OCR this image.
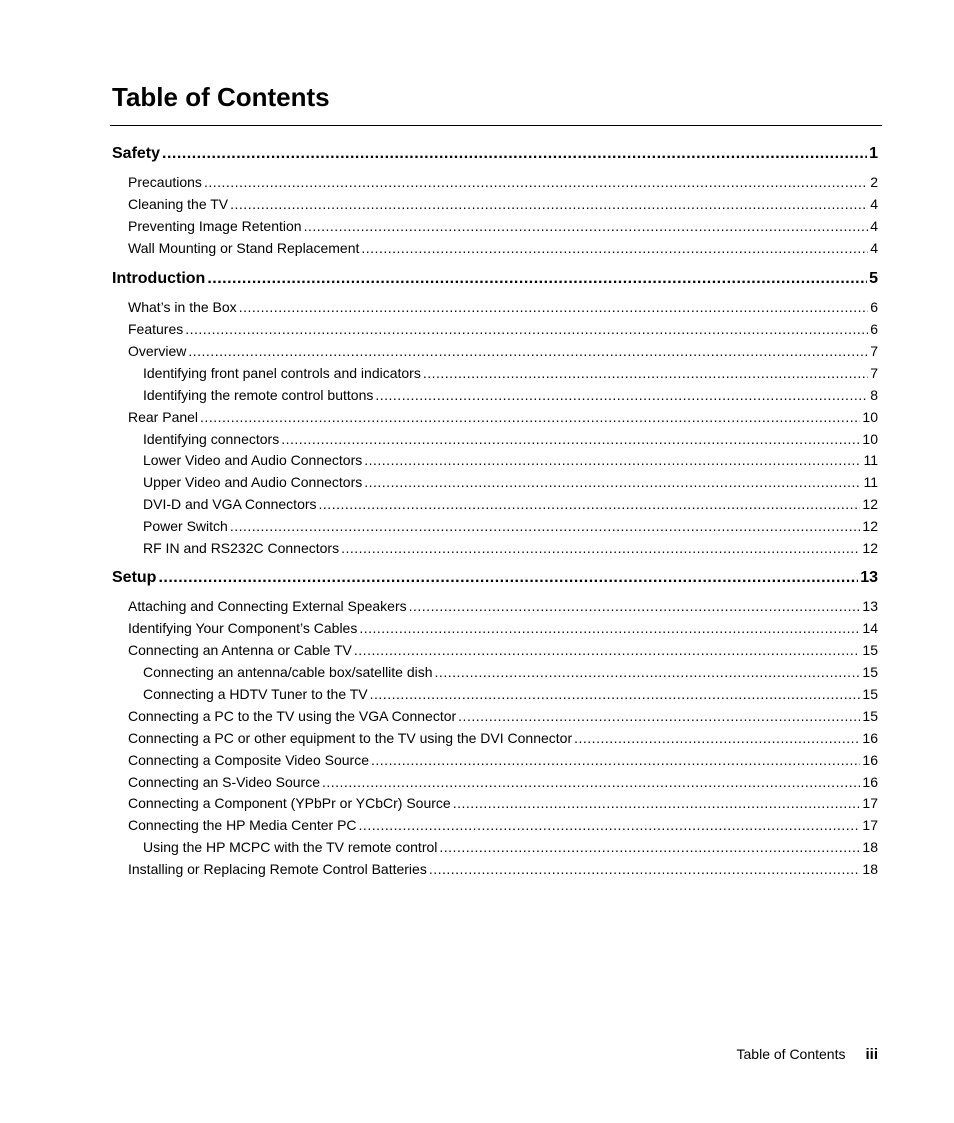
Table of Contents
Safety .....	1
Precautions .....	2
Cleaning the TV .....	4
Preventing Image Retention .....	4
Wall Mounting or Stand Replacement .....	4
Introduction .....	5
What’s in the Box .....	6
Features .....	6
Overview .....	7
Identifying front panel controls and indicators .....	7
Identifying the remote control buttons .....	8
Rear Panel .....	10
Identifying connectors .....	10
Lower Video and Audio Connectors .....	11
Upper Video and Audio Connectors .....	11
DVI-D and VGA Connectors .....	12
Power Switch .....	12
RF IN and RS232C Connectors .....	12
Setup .....	13
Attaching and Connecting External Speakers .....	13
Identifying Your Component’s Cables .....	14
Connecting an Antenna or Cable TV .....	15
Connecting an antenna/cable box/satellite dish .....	15
Connecting a HDTV Tuner to the TV .....	15
Connecting a PC to the TV using the VGA Connector .....	15
Connecting a PC or other equipment to the TV using the DVI Connector .....	16
Connecting a Composite Video Source .....	16
Connecting an S-Video Source .....	16
Connecting a Component (YPbPr or YCbCr) Source .....	17
Connecting the HP Media Center PC .....	17
Using the HP MCPC with the TV remote control .....	18
Installing or Replacing Remote Control Batteries .....	18
Table of Contents iii
